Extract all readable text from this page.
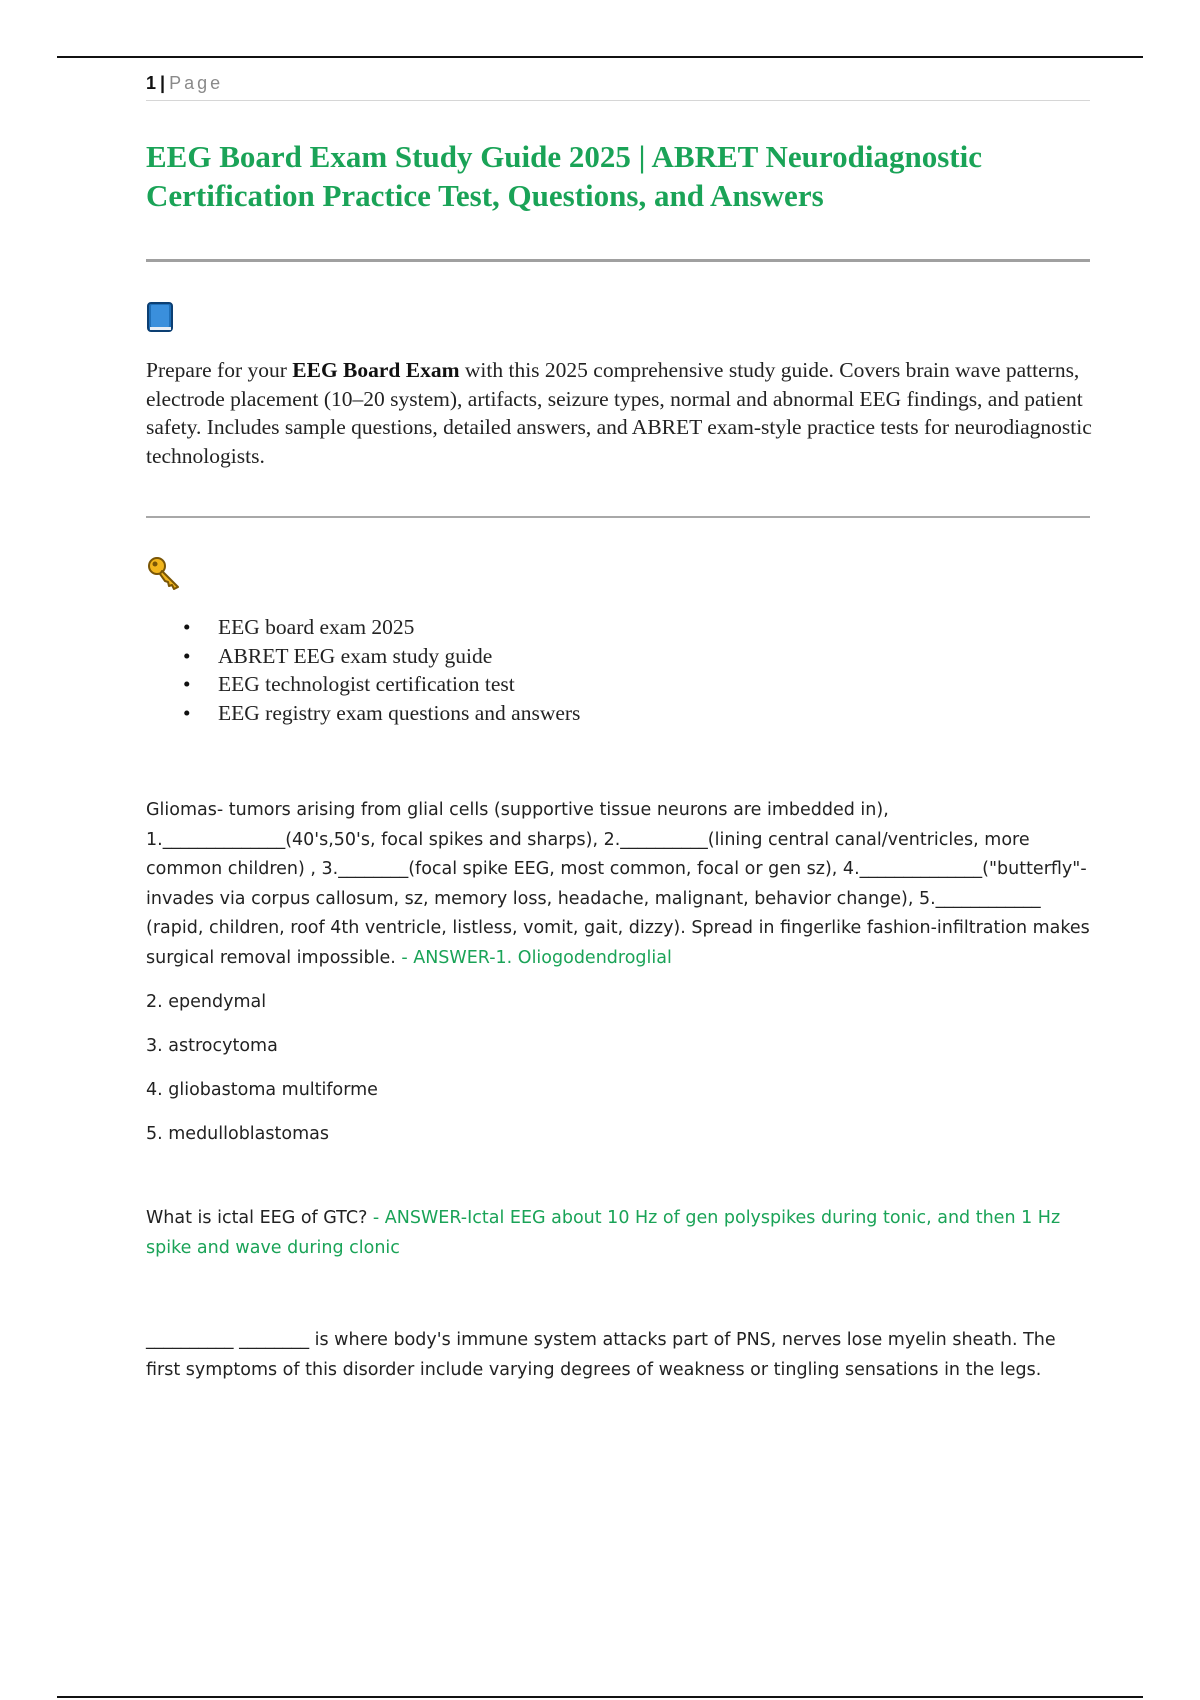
1 | Page
EEG Board Exam Study Guide 2025 | ABRET Neurodiagnostic Certification Practice Test, Questions, and Answers
Prepare for your EEG Board Exam with this 2025 comprehensive study guide. Covers brain wave patterns, electrode placement (10–20 system), artifacts, seizure types, normal and abnormal EEG findings, and patient safety. Includes sample questions, detailed answers, and ABRET exam-style practice tests for neurodiagnostic technologists.
• EEG board exam 2025
• ABRET EEG exam study guide
• EEG technologist certification test
• EEG registry exam questions and answers
Gliomas- tumors arising from glial cells (supportive tissue neurons are imbedded in), 1.______________(40's,50's, focal spikes and sharps), 2.__________(lining central canal/ventricles, more common children) , 3.________(focal spike EEG, most common, focal or gen sz), 4.______________("butterfly"-invades via corpus callosum, sz, memory loss, headache, malignant, behavior change), 5.____________ (rapid, children, roof 4th ventricle, listless, vomit, gait, dizzy). Spread in fingerlike fashion-infiltration makes surgical removal impossible. - ANSWER-1. Oliogodendroglial
2. ependymal
3. astrocytoma
4. gliobastoma multiforme
5. medulloblastomas
What is ictal EEG of GTC? - ANSWER-Ictal EEG about 10 Hz of gen polyspikes during tonic, and then 1 Hz spike and wave during clonic
__________ ________ is where body's immune system attacks part of PNS, nerves lose myelin sheath. The first symptoms of this disorder include varying degrees of weakness or tingling sensations in the legs.
